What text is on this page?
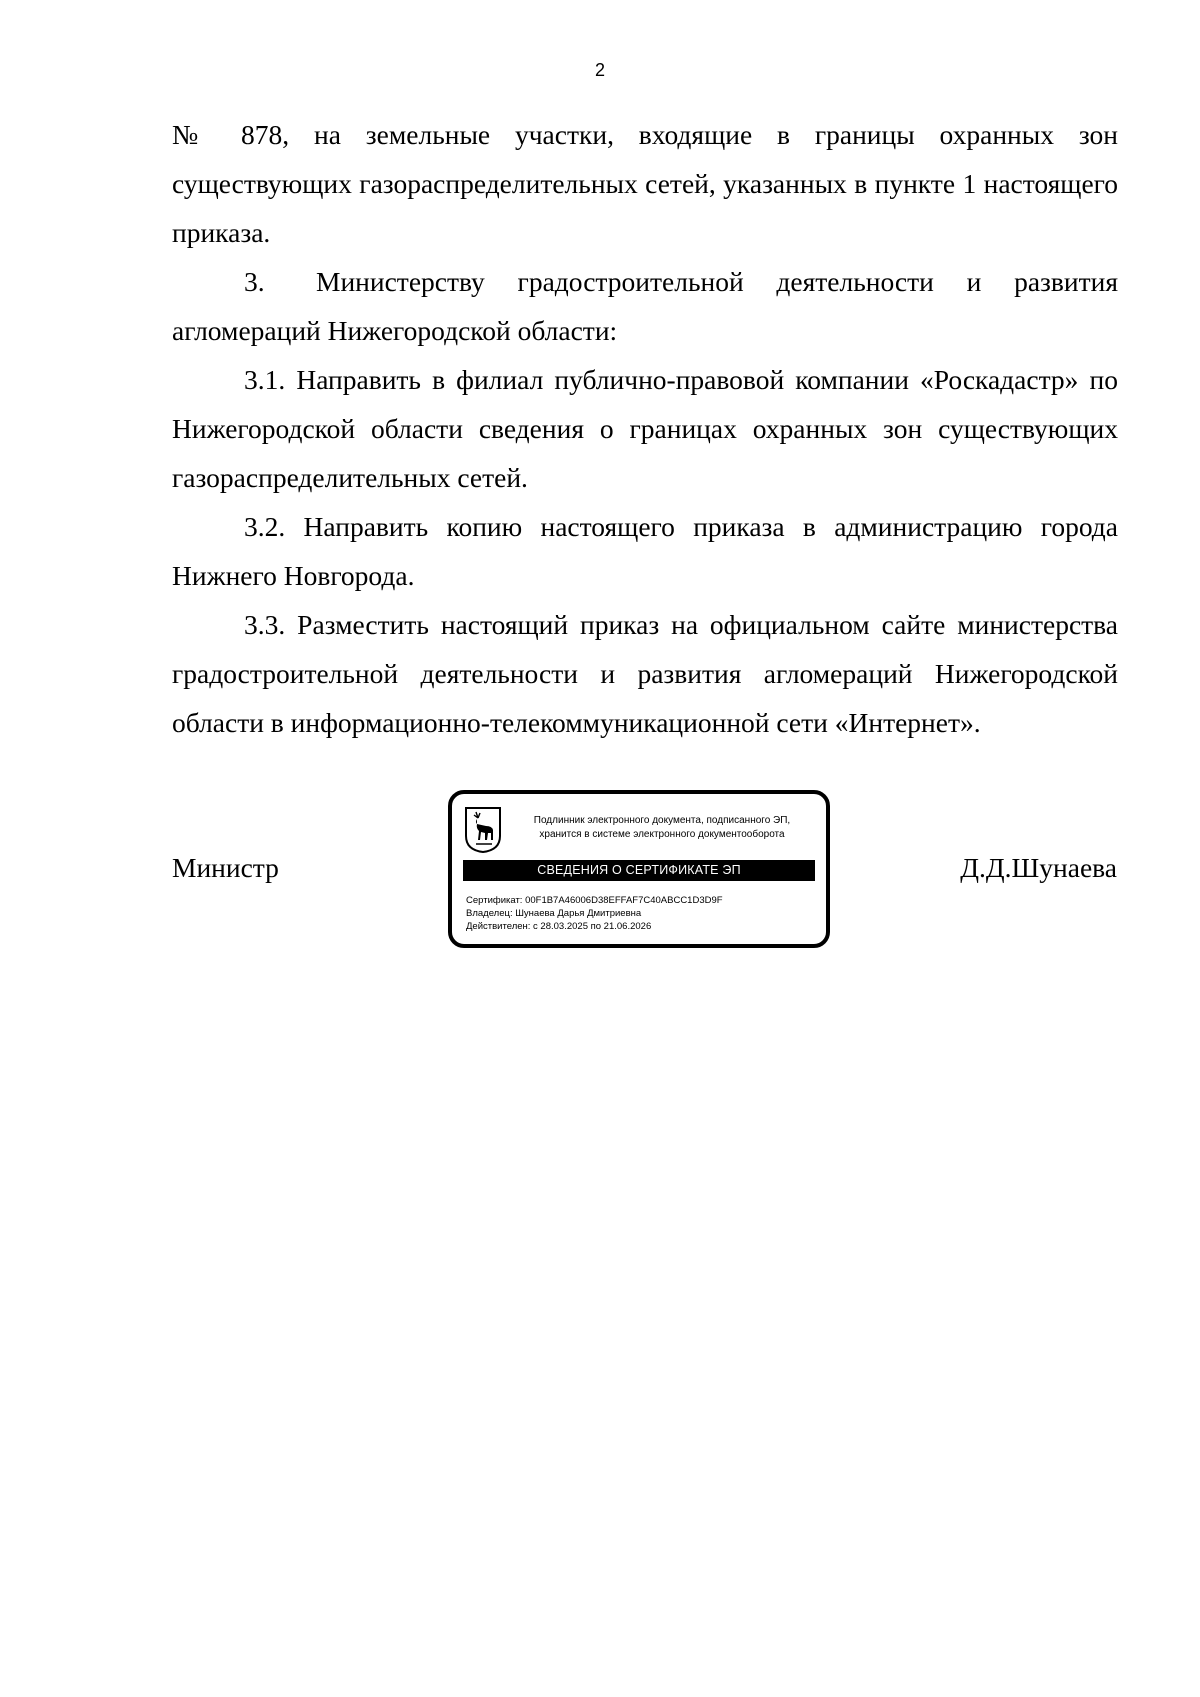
2

№ 878, на земельные участки, входящие в границы охранных зон существующих газораспределительных сетей, указанных в пункте 1 настоящего приказа.

3. Министерству градостроительной деятельности и развития агломераций Нижегородской области:

3.1. Направить в филиал публично-правовой компании «Роскадастр» по Нижегородской области сведения о границах охранных зон существующих газораспределительных сетей.

3.2. Направить копию настоящего приказа в администрацию города Нижнего Новгорода.

3.3. Разместить настоящий приказ на официальном сайте министерства градостроительной деятельности и развития агломераций Нижегородской области в информационно-телекоммуникационной сети «Интернет».

Министр
Подлинник электронного документа, подписанного ЭП,
хранится в системе электронного документооборота
СВЕДЕНИЯ О СЕРТИФИКАТЕ ЭП
Сертификат: 00F1B7A46006D38EFFAF7C40ABCC1D3D9F
Владелец: Шунаева Дарья Дмитриевна
Действителен: с 28.03.2025 по 21.06.2026
Д.Д.Шунаева
